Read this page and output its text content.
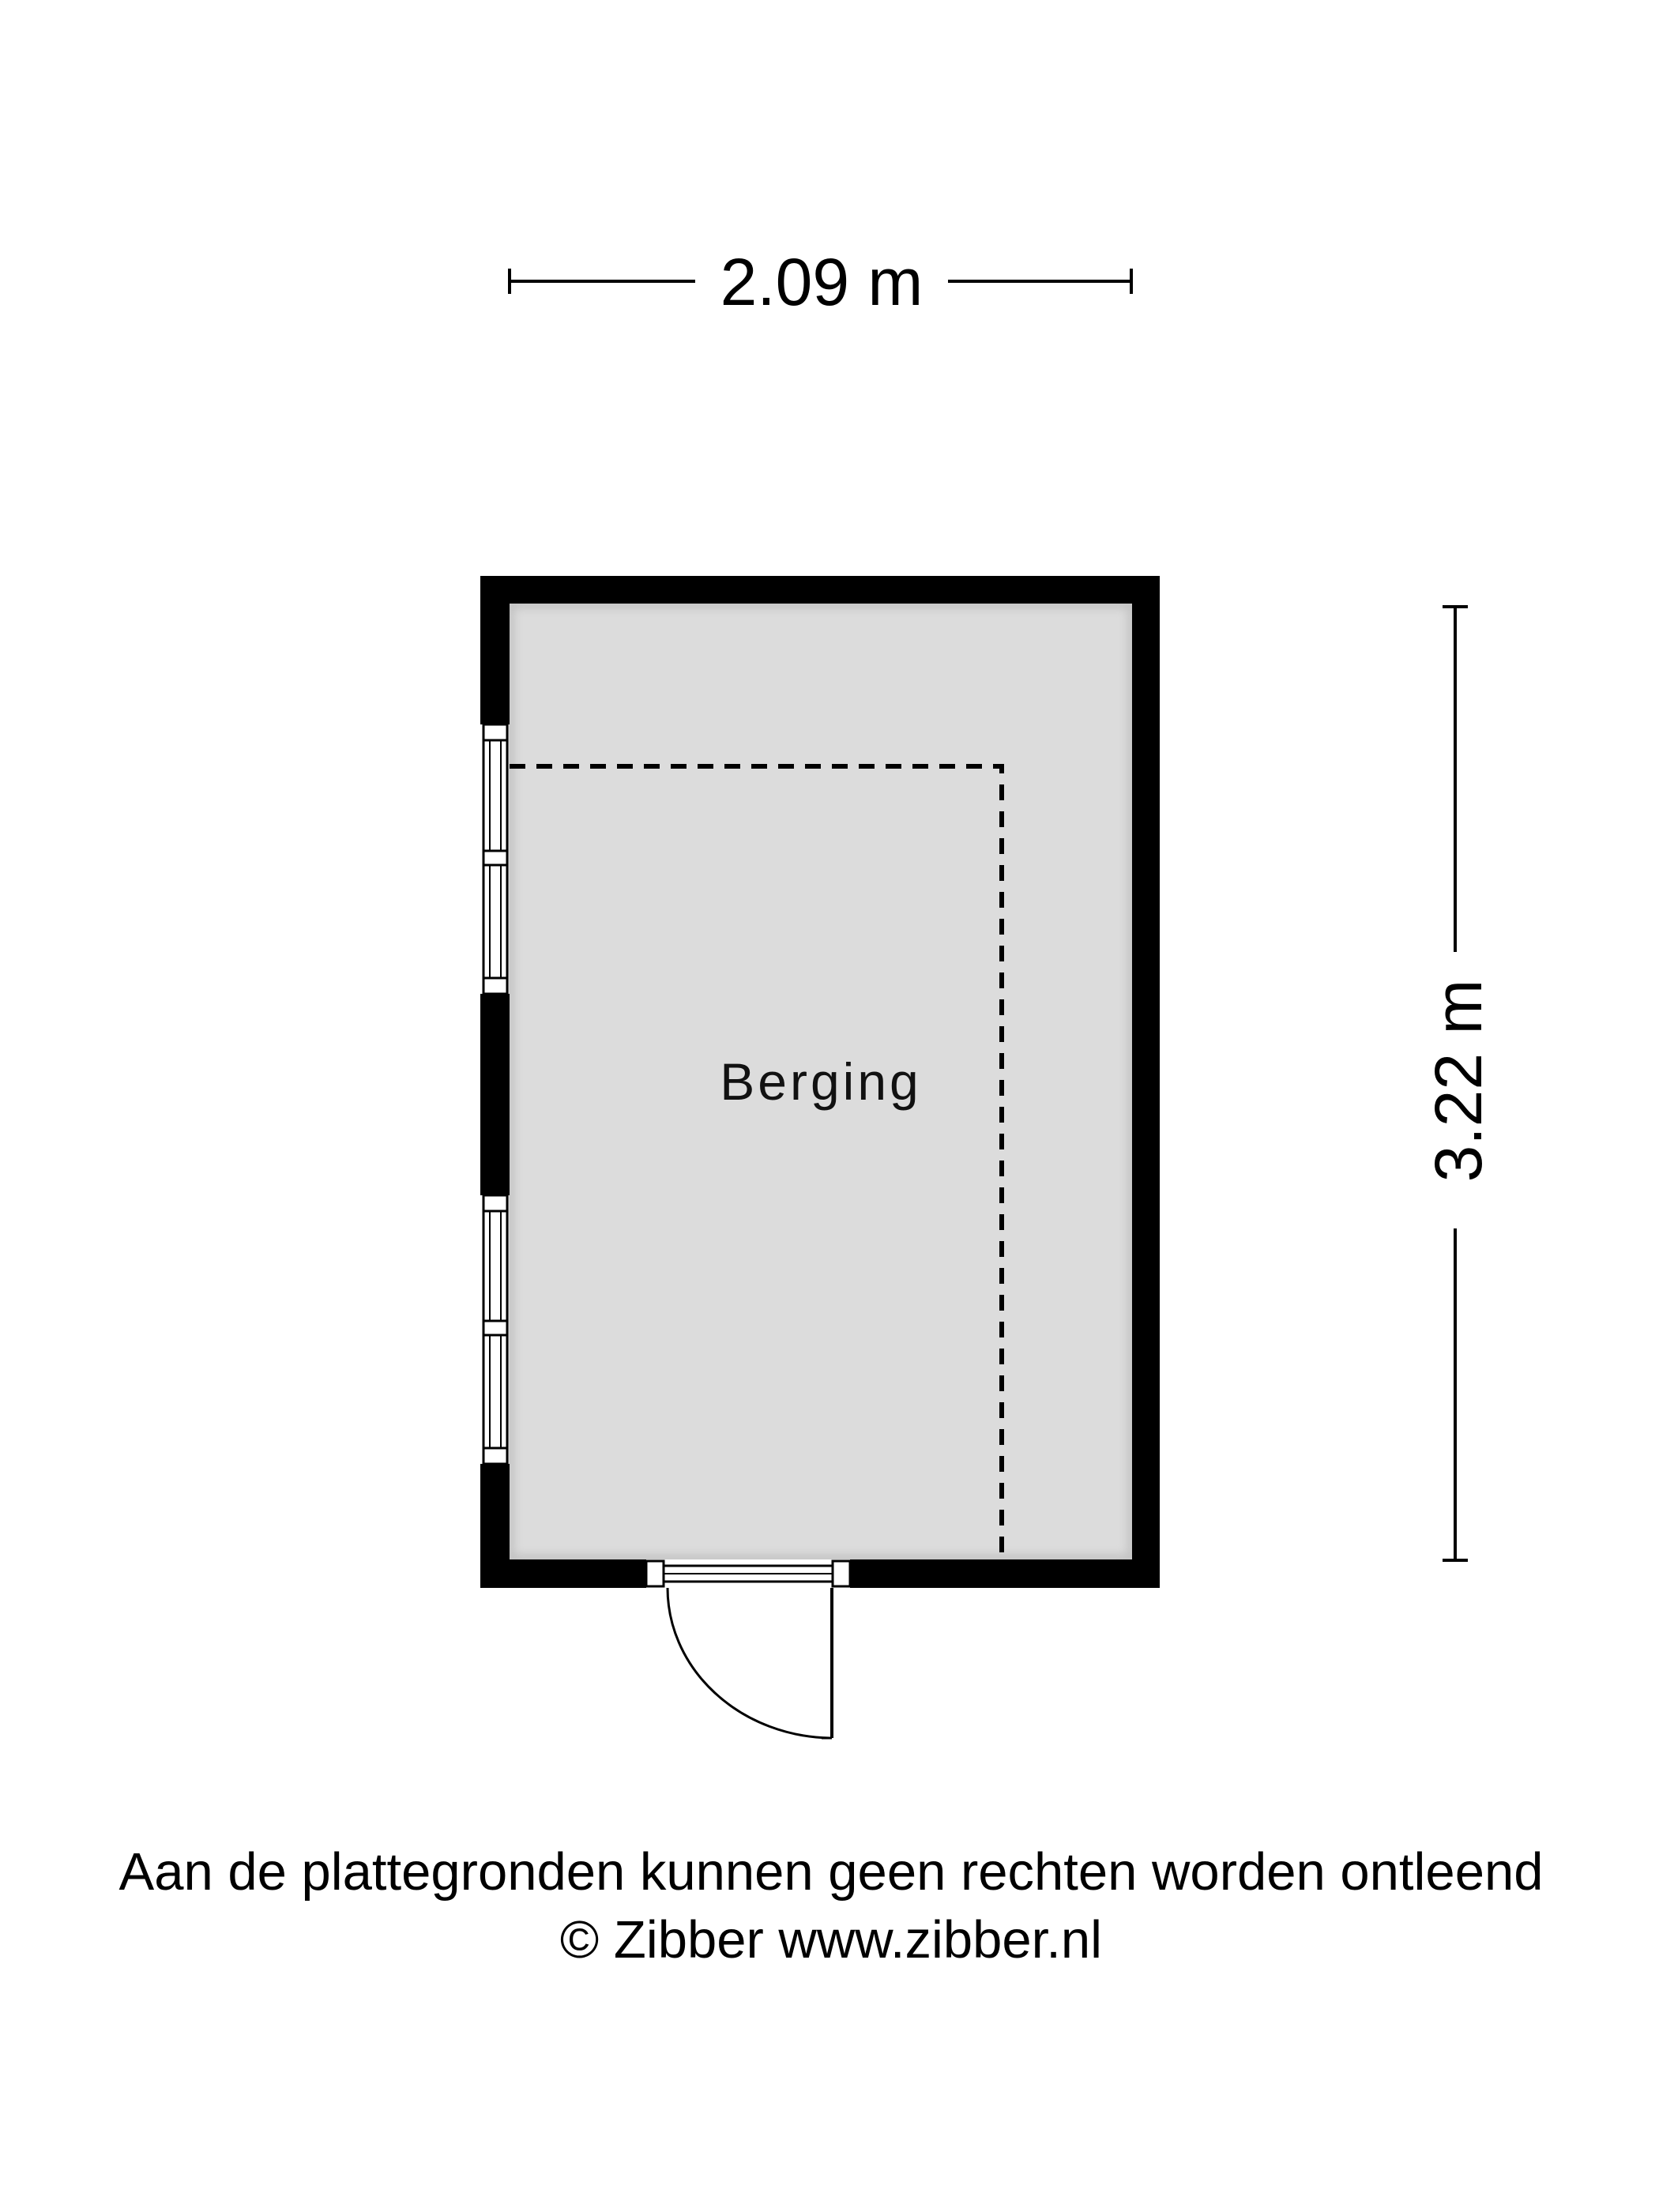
2.09 m
3.22 m
Berging
Aan de plattegronden kunnen geen rechten worden ontleend
© Zibber www.zibber.nl
